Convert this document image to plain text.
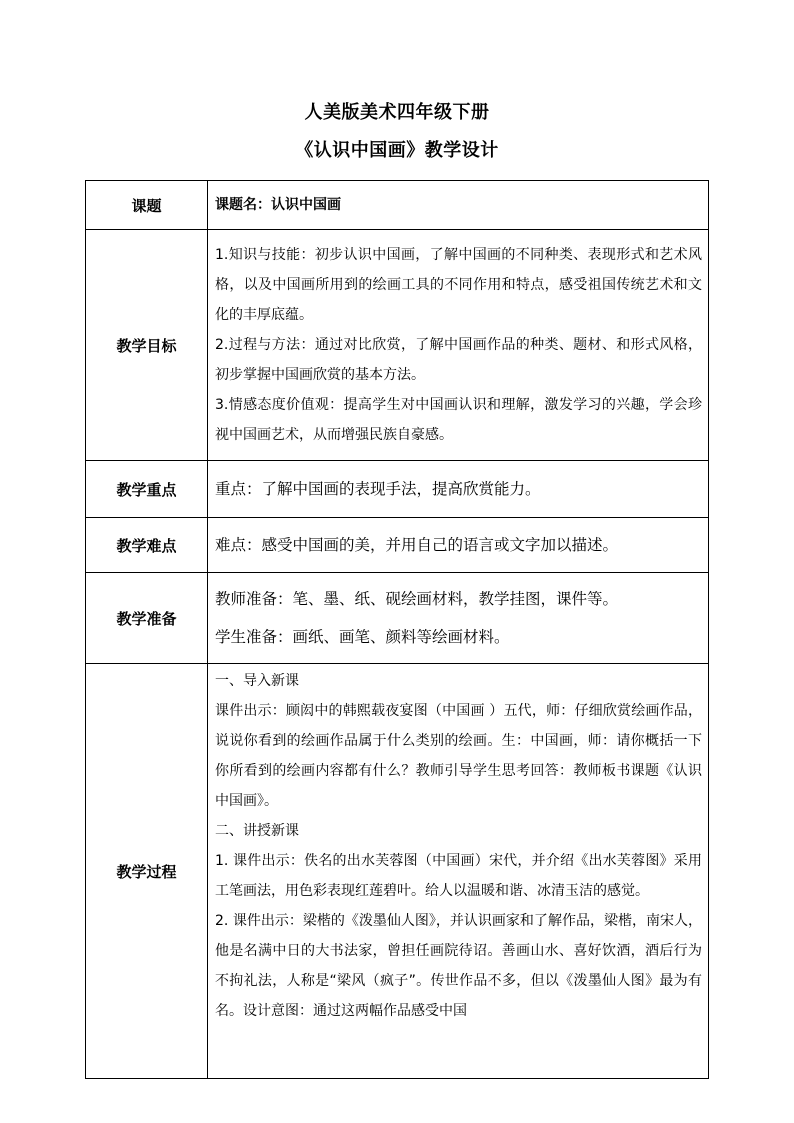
人美版美术四年级下册
《认识中国画》教学设计
课题	课题名：认识中国画
教学目标	1.知识与技能：初步认识中国画，了解中国画的不同种类、表现形式和艺术风格，以及中国画所用到的绘画工具的不同作用和特点，感受祖国传统艺术和文化的丰厚底蕴。

2.过程与方法：通过对比欣赏，了解中国画作品的种类、题材、和形式风格，初步掌握中国画欣赏的基本方法。

3.情感态度价值观：提高学生对中国画认识和理解，激发学习的兴趣，学会珍视中国画艺术，从而增强民族自豪感。

教学重点	重点：了解中国画的表现手法，提高欣赏能力。
教学难点	难点：感受中国画的美，并用自己的语言或文字加以描述。
教学准备	教师准备：笔、墨、纸、砚绘画材料，教学挂图，课件等。

学生准备：画纸、画笔、颜料等绘画材料。

教学过程	一、导入新课

课件出示：顾闳中的韩熙载夜宴图（中国画 ）五代，师：仔细欣赏绘画作品，说说你看到的绘画作品属于什么类别的绘画。生：中国画，师：请你概括一下你所看到的绘画内容都有什么？教师引导学生思考回答：教师板书课题《认识中国画》。

二、讲授新课

1. 课件出示：佚名的出水芙蓉图（中国画）宋代，并介绍《出水芙蓉图》采用工笔画法，用色彩表现红莲碧叶。给人以温暖和谐、冰清玉洁的感觉。

2. 课件出示：梁楷的《泼墨仙人图》，并认识画家和了解作品，梁楷，南宋人，他是名满中日的大书法家，曾担任画院待诏。善画山水、喜好饮酒，酒后行为不拘礼法，人称是“梁风（疯子”。传世作品不多，但以《泼墨仙人图》最为有名。设计意图：通过这两幅作品感受中国
